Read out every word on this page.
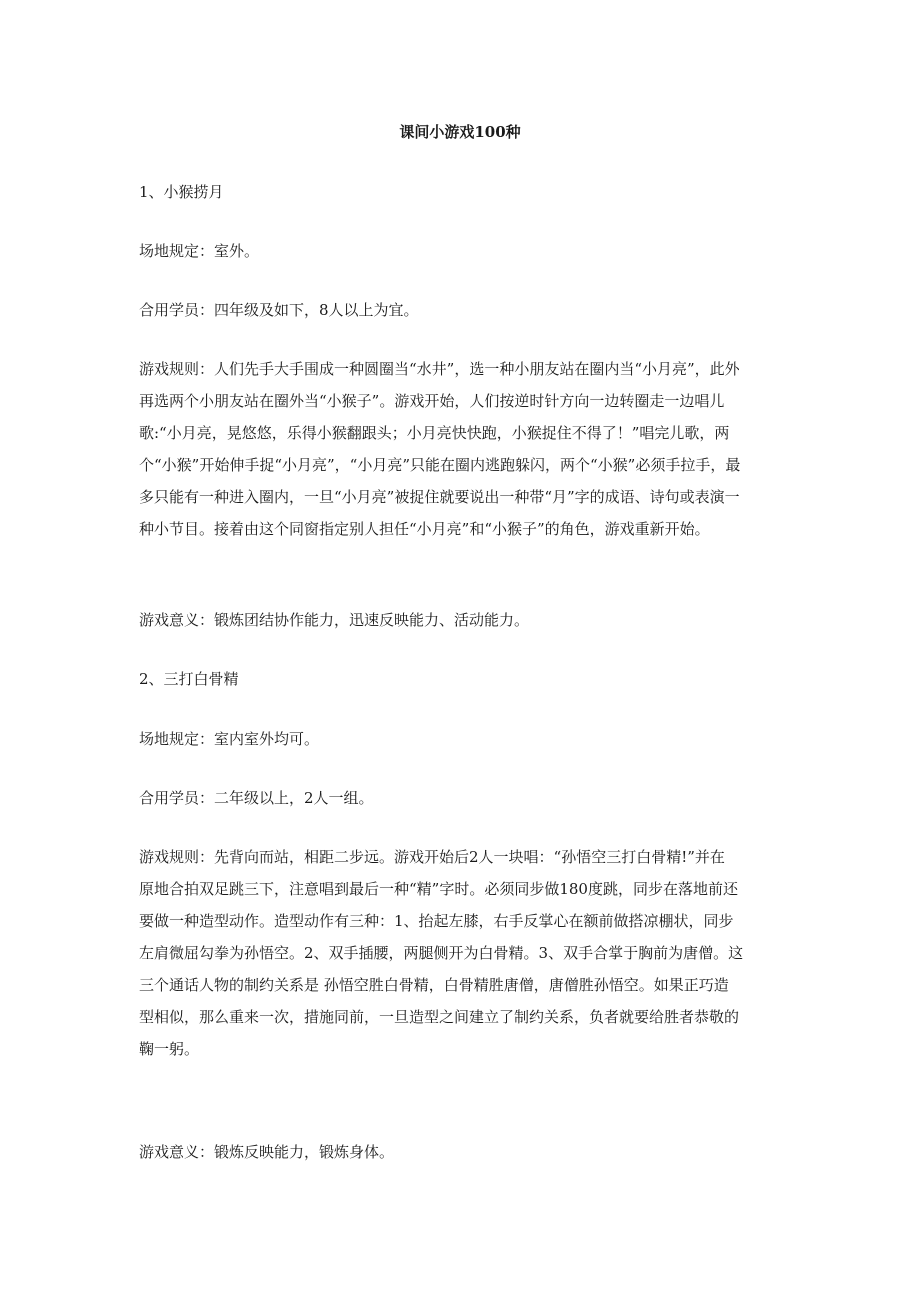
课间小游戏100种

1、小猴捞月

场地规定：室外。

合用学员：四年级及如下，8人以上为宜。

游戏规则：人们先手大手围成一种圆圈当“水井”，选一种小朋友站在圈内当“小月亮”，此外
再选两个小朋友站在圈外当“小猴子”。游戏开始，人们按逆时针方向一边转圈走一边唱儿
歌:“小月亮，晃悠悠，乐得小猴翻跟头；小月亮快快跑，小猴捉住不得了！”唱完儿歌，两
个“小猴”开始伸手捉“小月亮”，“小月亮”只能在圈内逃跑躲闪，两个“小猴”必须手拉手，最
多只能有一种进入圈内，一旦“小月亮”被捉住就要说出一种带“月”字的成语、诗句或表演一
种小节目。接着由这个同窗指定别人担任“小月亮”和“小猴子”的角色，游戏重新开始。

游戏意义：锻炼团结协作能力，迅速反映能力、活动能力。

2、三打白骨精

场地规定：室内室外均可。

合用学员：二年级以上，2人一组。

游戏规则：先背向而站，相距二步远。游戏开始后2人一块唱：“孙悟空三打白骨精!”并在
原地合拍双足跳三下，注意唱到最后一种“精”字时。必须同步做180度跳，同步在落地前还
要做一种造型动作。造型动作有三种：1、抬起左膝，右手反掌心在额前做搭凉棚状，同步
左肩微屈勾拳为孙悟空。2、双手插腰，两腿侧开为白骨精。3、双手合掌于胸前为唐僧。这
三个通话人物的制约关系是 孙悟空胜白骨精，白骨精胜唐僧，唐僧胜孙悟空。如果正巧造
型相似，那么重来一次，措施同前，一旦造型之间建立了制约关系，负者就要给胜者恭敬的
鞠一躬。

游戏意义：锻炼反映能力，锻炼身体。
